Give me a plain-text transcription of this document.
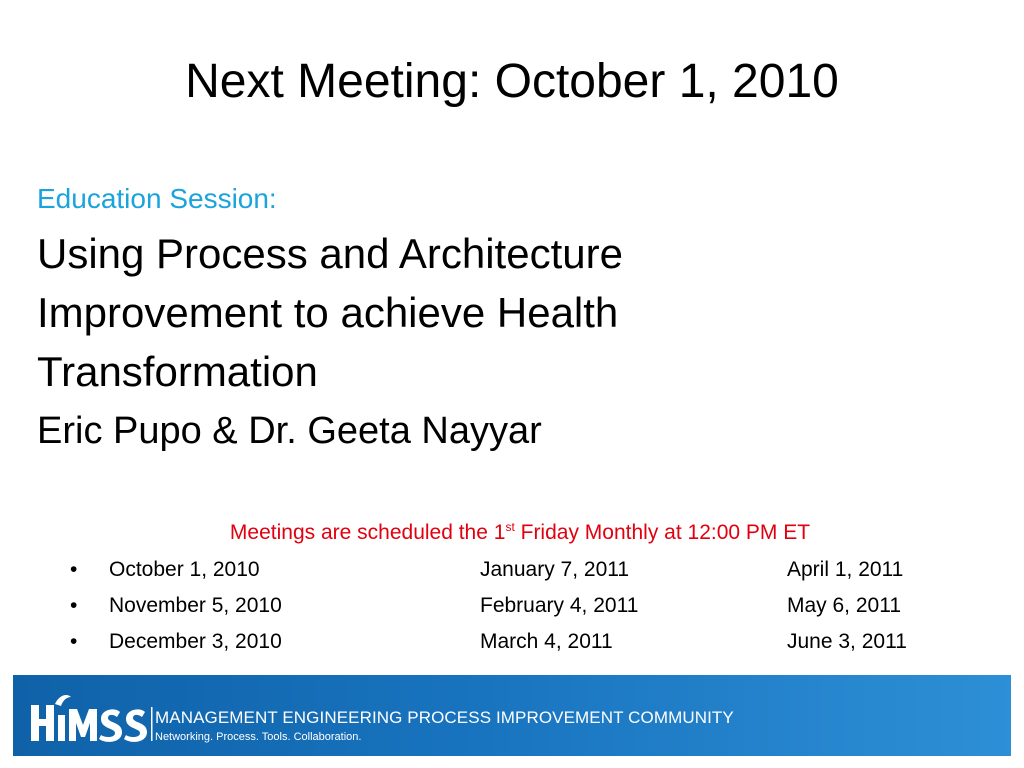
Next Meeting: October 1, 2010
Education Session:
Using Process and Architecture
Improvement to achieve Health
Transformation
Eric Pupo & Dr. Geeta Nayyar
Meetings are scheduled the 1st Friday Monthly at 12:00 PM ET
• October 1, 2010	January 7, 2011	April 1, 2011
• November 5, 2010	February 4, 2011	May 6, 2011
• December 3, 2010	March 4, 2011	June 3, 2011
MANAGEMENT ENGINEERING PROCESS IMPROVEMENT COMMUNITY
Networking. Process. Tools. Collaboration.
